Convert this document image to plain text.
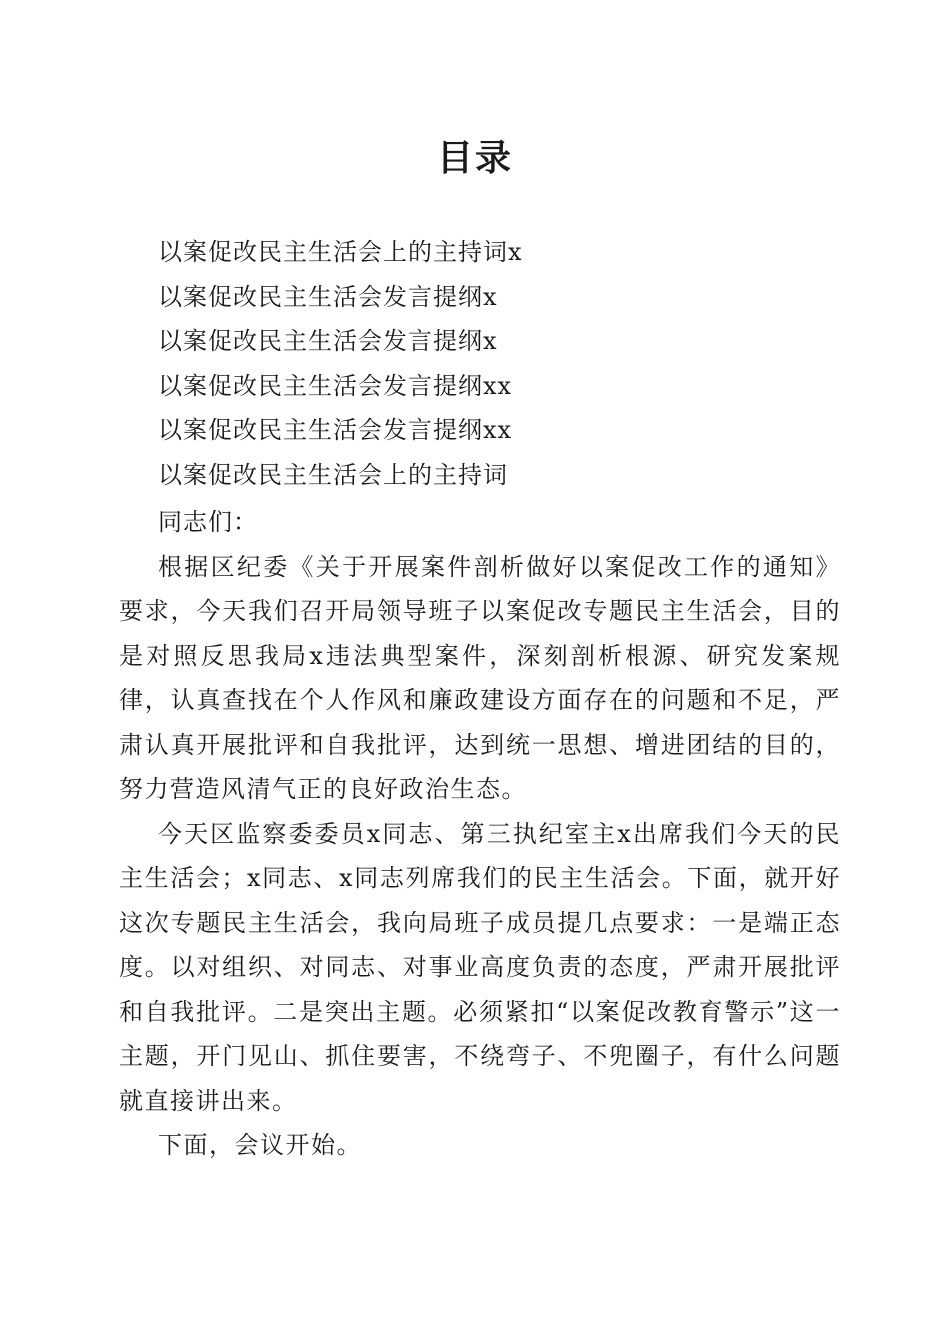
目录
以案促改民主生活会上的主持词x
以案促改民主生活会发言提纲x
以案促改民主生活会发言提纲x
以案促改民主生活会发言提纲xx
以案促改民主生活会发言提纲xx
以案促改民主生活会上的主持词
同志们：

根据区纪委《关于开展案件剖析做好以案促改工作的通知》要求，今天我们召开局领导班子以案促改专题民主生活会，目的是对照反思我局x违法典型案件，深刻剖析根源、研究发案规律，认真查找在个人作风和廉政建设方面存在的问题和不足，严肃认真开展批评和自我批评，达到统一思想、增进团结的目的，努力营造风清气正的良好政治生态。

今天区监察委委员x同志、第三执纪室主x出席我们今天的民主生活会；x同志、x同志列席我们的民主生活会。下面，就开好这次专题民主生活会，我向局班子成员提几点要求：一是端正态度。以对组织、对同志、对事业高度负责的态度，严肃开展批评和自我批评。二是突出主题。必须紧扣“以案促改教育警示”这一主题，开门见山、抓住要害，不绕弯子、不兜圈子，有什么问题就直接讲出来。

下面，会议开始。
